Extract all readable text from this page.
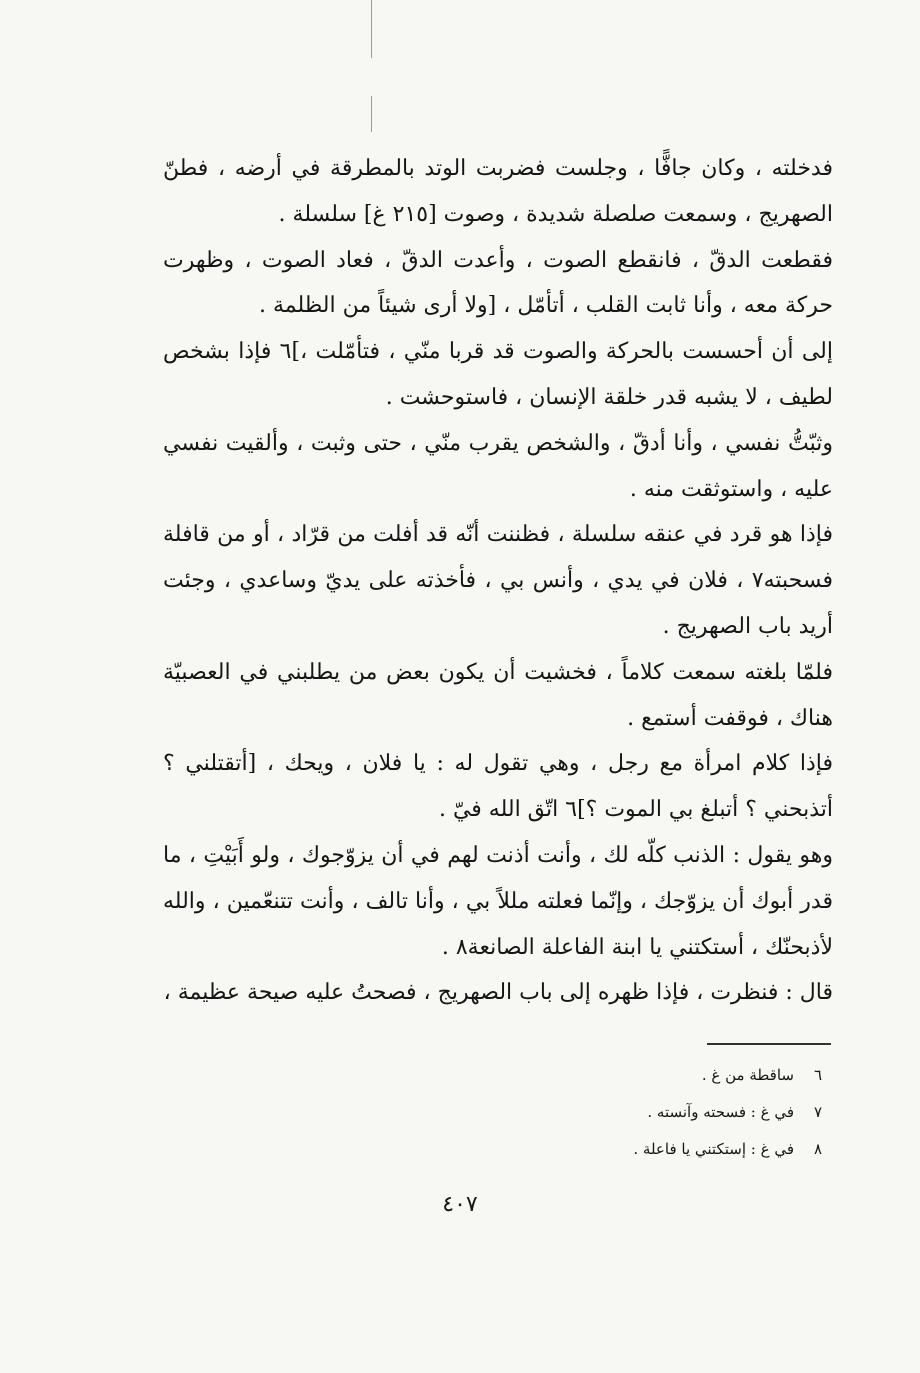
فدخلته ، وكان جافًّا ، وجلست فضربت الوتد بالمطرقة في أرضه ، فطنّ الصهريج ، وسمعت صلصلة شديدة ، وصوت [٢١٥ غ] سلسلة .

فقطعت الدقّ ، فانقطع الصوت ، وأعدت الدقّ ، فعاد الصوت ، وظهرت حركة معه ، وأنا ثابت القلب ، أتأمّل ، [ولا أرى شيئاً من الظلمة .

إلى أن أحسست بالحركة والصوت قد قربا منّي ، فتأمّلت ،]٦ فإذا بشخص لطيف ، لا يشبه قدر خلقة الإنسان ، فاستوحشت .

وثبّتُّ نفسي ، وأنا أدقّ ، والشخص يقرب منّي ، حتى وثبت ، وألقيت نفسي عليه ، واستوثقت منه .

فإذا هو قرد في عنقه سلسلة ، فظننت أنّه قد أفلت من قرّاد ، أو من قافلة فسحبته٧ ، فلان في يدي ، وأنس بي ، فأخذته على يديّ وساعدي ، وجئت أريد باب الصهريج .

فلمّا بلغته سمعت كلاماً ، فخشيت أن يكون بعض من يطلبني في العصبيّة هناك ، فوقفت أستمع .

فإذا كلام امرأة مع رجل ، وهي تقول له : يا فلان ، ويحك ، [أتقتلني ؟ أتذبحني ؟ أتبلغ بي الموت ؟]٦ اتّق الله فيّ .

وهو يقول : الذنب كلّه لك ، وأنت أذنت لهم في أن يزوّجوك ، ولو أَبَيْتِ ، ما قدر أبوك أن يزوّجك ، وإنّما فعلته مللاً بي ، وأنا تالف ، وأنت تتنعّمين ، والله لأذبحنّك ، أستكتني يا ابنة الفاعلة الصانعة٨ .

قال : فنظرت ، فإذا ظهره إلى باب الصهريج ، فصحتُ عليه صيحة عظيمة ،

٦
ساقطة من غ .
٧
في غ : فسحته وآنسته .
٨
في غ : إستكتني يا فاعلة .
٤٠٧
